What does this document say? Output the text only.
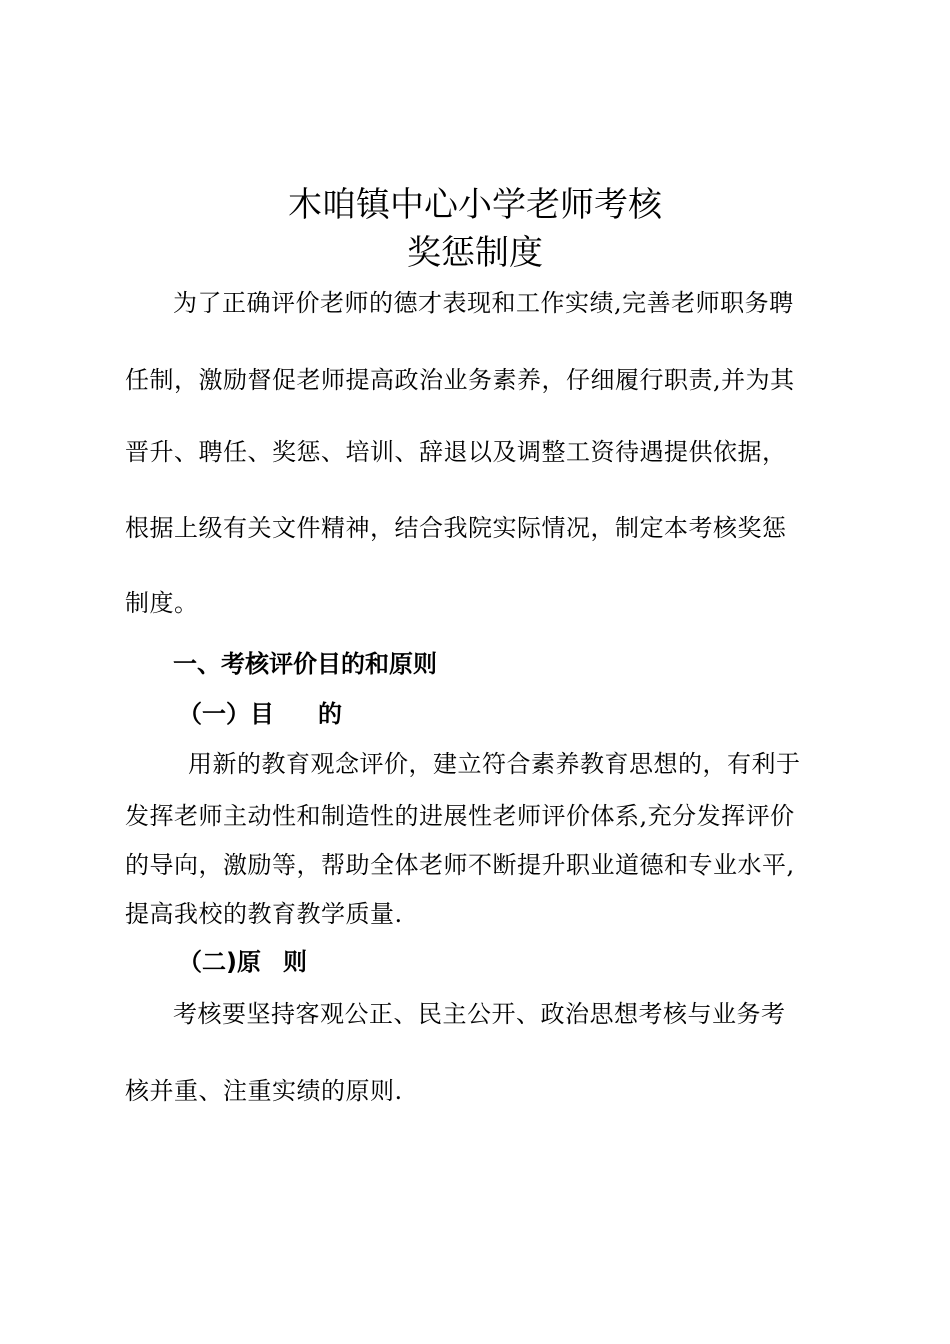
木咱镇中心小学老师考核
奖惩制度
为了正确评价老师的德才表现和工作实绩,完善老师职务聘
任制，激励督促老师提高政治业务素养，仔细履行职责,并为其
晋升、聘任、奖惩、培训、辞退以及调整工资待遇提供依据，
根据上级有关文件精神，结合我院实际情况，制定本考核奖惩
制度。
一、考核评价目的和原则
（一）目 的
用新的教育观念评价，建立符合素养教育思想的，有利于
发挥老师主动性和制造性的进展性老师评价体系,充分发挥评价
的导向，激励等，帮助全体老师不断提升职业道德和专业水平,
提高我校的教育教学质量.
（二)原 则
考核要坚持客观公正、民主公开、政治思想考核与业务考
核并重、注重实绩的原则.
